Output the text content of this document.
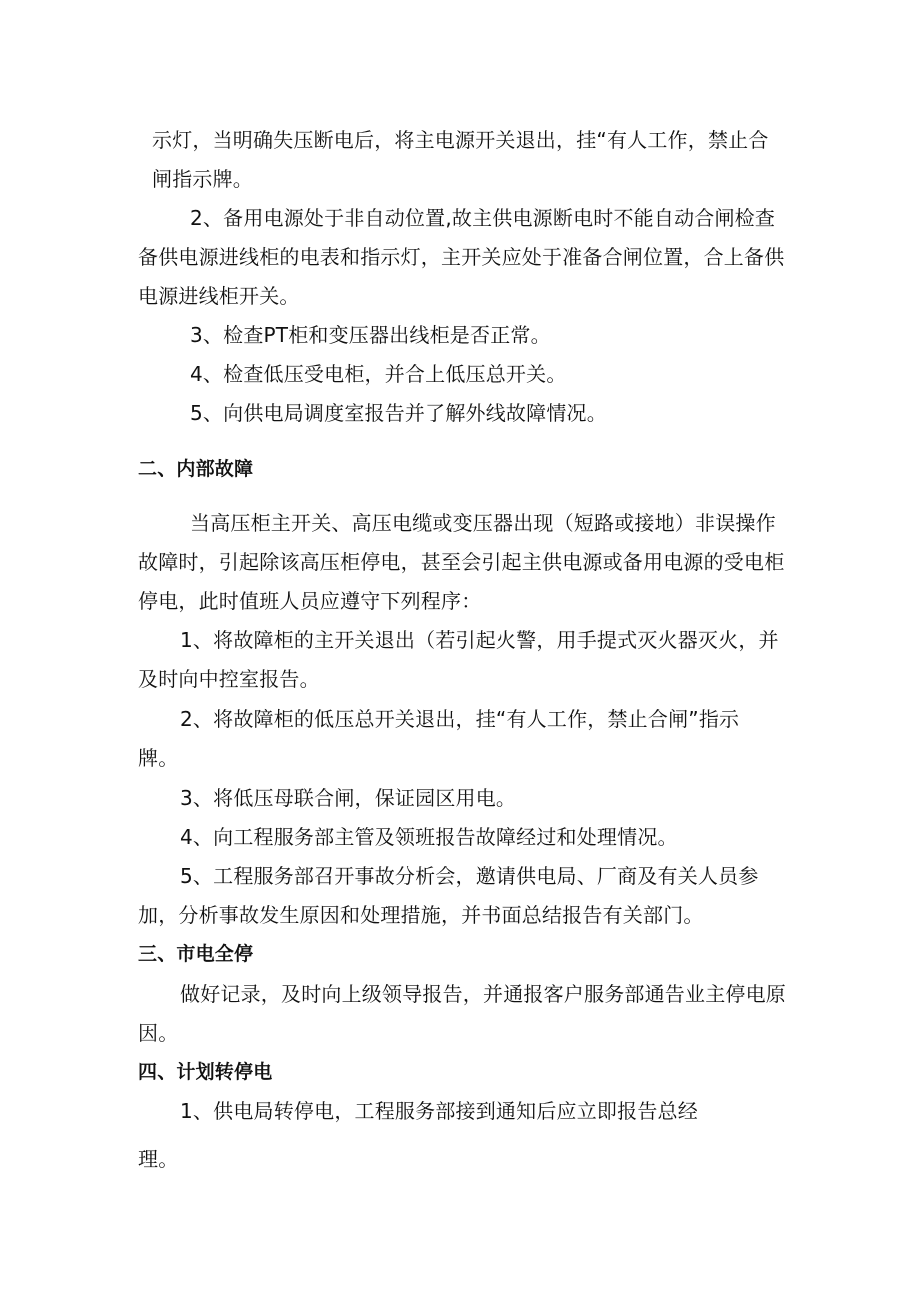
示灯，当明确失压断电后，将主电源开关退出，挂“有人工作，禁止合
闸指示牌。
2、备用电源处于非自动位置,故主供电源断电时不能自动合闸检查
备供电源进线柜的电表和指示灯，主开关应处于准备合闸位置，合上备供
电源进线柜开关。
3、检查PT柜和变压器出线柜是否正常。
4、检查低压受电柜，并合上低压总开关。
5、向供电局调度室报告并了解外线故障情况。
二、内部故障
当高压柜主开关、高压电缆或变压器出现（短路或接地）非误操作
故障时，引起除该高压柜停电，甚至会引起主供电源或备用电源的受电柜
停电，此时值班人员应遵守下列程序：
1、将故障柜的主开关退出（若引起火警，用手提式灭火器灭火，并
及时向中控室报告。
2、将故障柜的低压总开关退出，挂“有人工作，禁止合闸”指示
牌。
3、将低压母联合闸，保证园区用电。
4、向工程服务部主管及领班报告故障经过和处理情况。
5、工程服务部召开事故分析会，邀请供电局、厂商及有关人员参
加，分析事故发生原因和处理措施，并书面总结报告有关部门。
三、市电全停
做好记录，及时向上级领导报告，并通报客户服务部通告业主停电原
因。
四、计划转停电
1、供电局转停电，工程服务部接到通知后应立即报告总经
理。
